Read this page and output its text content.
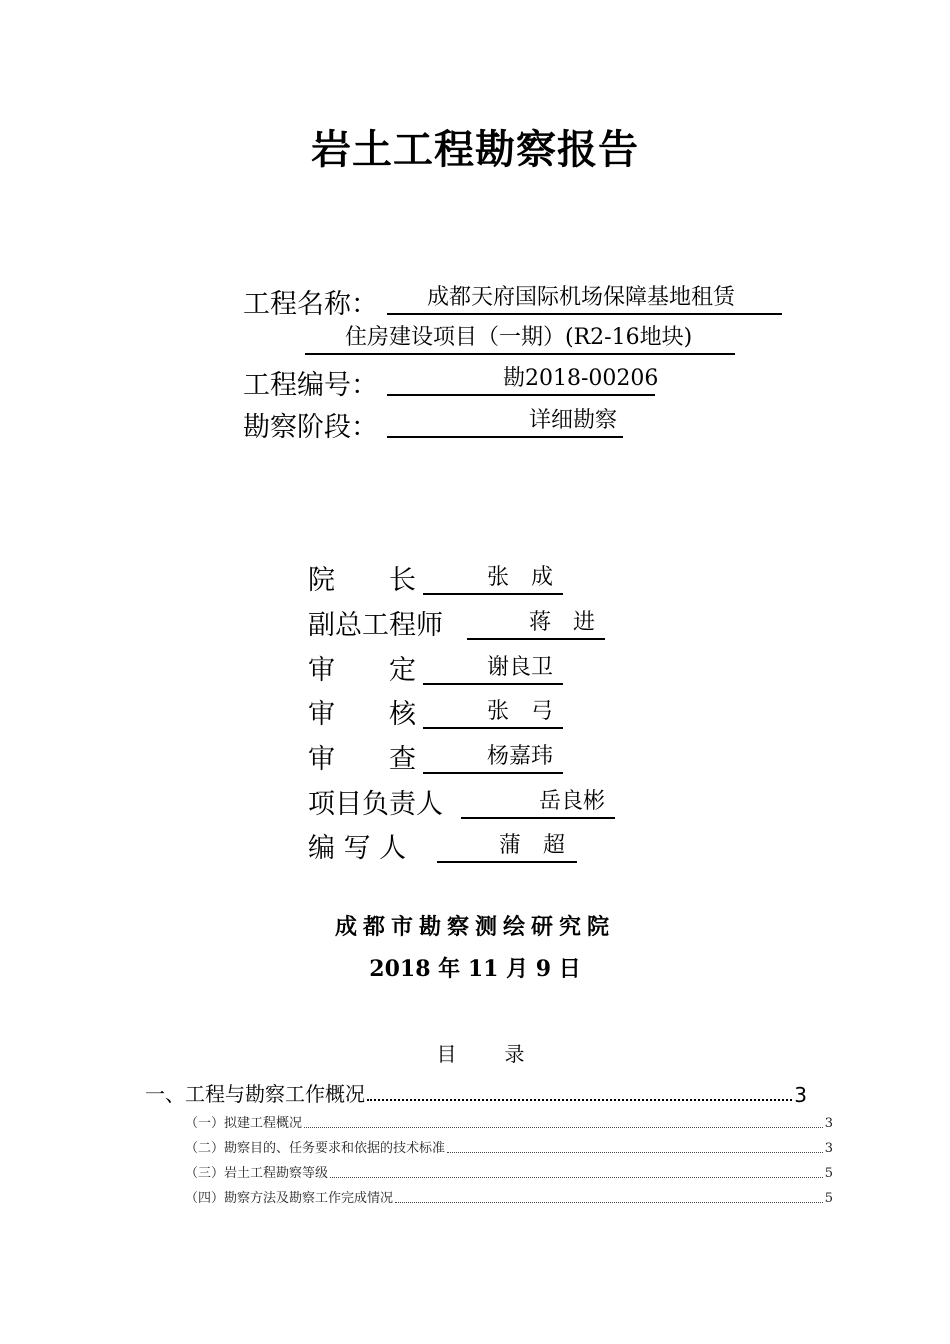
岩土工程勘察报告
工程名称：	成都天府国际机场保障基地租赁
住房建设项目（一期）(R2-16地块)
工程编号：	勘2018-00206
勘察阶段：	详细勘察
院　　长	张　成
副总工程师	蒋　进
审　　定	谢良卫
审　　核	张　弓
审　　查	杨嘉玮
项目负责人	岳良彬
编 写 人	蒲　超
成都市勘察测绘研究院
2018 年 11 月 9 日
目　录
一、工程与勘察工作概况	3
（一）拟建工程概况	3
（二）勘察目的、任务要求和依据的技术标准	3
（三）岩土工程勘察等级	5
（四）勘察方法及勘察工作完成情况	5
